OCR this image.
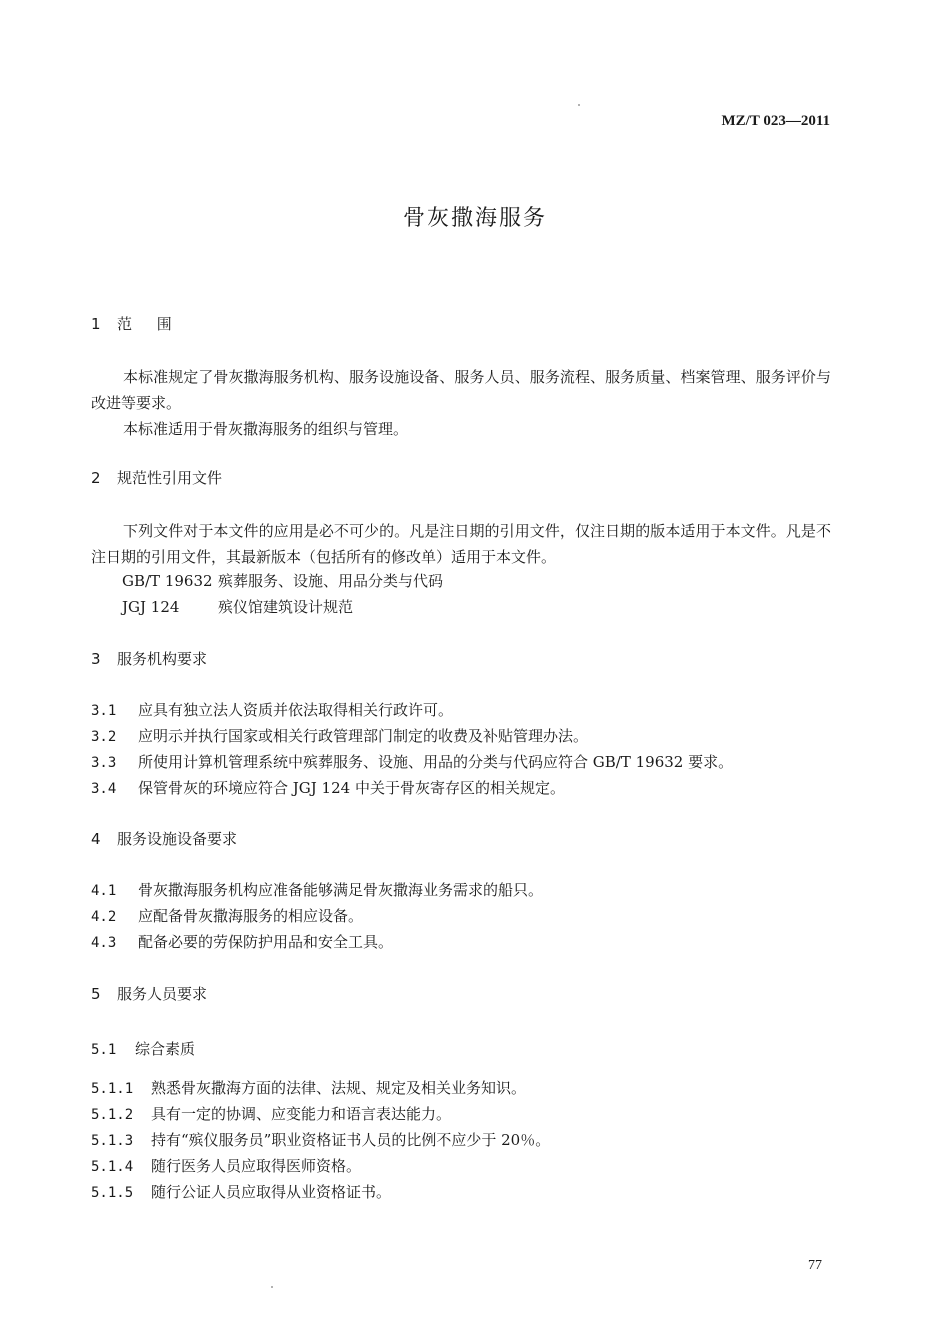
MZ/T 023—2011
骨灰撒海服务
1 范 围
本标准规定了骨灰撒海服务机构、服务设施设备、服务人员、服务流程、服务质量、档案管理、服务评价与改进等要求。
本标准适用于骨灰撒海服务的组织与管理。
2 规范性引用文件
下列文件对于本文件的应用是必不可少的。凡是注日期的引用文件，仅注日期的版本适用于本文件。凡是不注日期的引用文件，其最新版本（包括所有的修改单）适用于本文件。
GB/T 19632 殡葬服务、设施、用品分类与代码
JGJ 124	殡仪馆建筑设计规范
3 服务机构要求
3.1 应具有独立法人资质并依法取得相关行政许可。
3.2 应明示并执行国家或相关行政管理部门制定的收费及补贴管理办法。
3.3 所使用计算机管理系统中殡葬服务、设施、用品的分类与代码应符合 GB/T 19632 要求。
3.4 保管骨灰的环境应符合 JGJ 124 中关于骨灰寄存区的相关规定。
4 服务设施设备要求
4.1 骨灰撒海服务机构应准备能够满足骨灰撒海业务需求的船只。
4.2 应配备骨灰撒海服务的相应设备。
4.3 配备必要的劳保防护用品和安全工具。
5 服务人员要求
5.1 综合素质
5.1.1 熟悉骨灰撒海方面的法律、法规、规定及相关业务知识。
5.1.2 具有一定的协调、应变能力和语言表达能力。
5.1.3 持有“殡仪服务员”职业资格证书人员的比例不应少于 20％。
5.1.4 随行医务人员应取得医师资格。
5.1.5 随行公证人员应取得从业资格证书。
77
